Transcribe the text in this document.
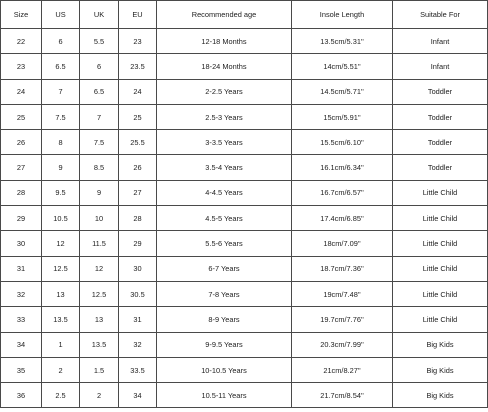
Size	US	UK	EU	Recommended age	Insole Length	Suitable For
22	6	5.5	23	12-18 Months	13.5cm/5.31''	Infant
23	6.5	6	23.5	18-24 Months	14cm/5.51''	Infant
24	7	6.5	24	2-2.5 Years	14.5cm/5.71''	Toddler
25	7.5	7	25	2.5-3 Years	15cm/5.91''	Toddler
26	8	7.5	25.5	3-3.5 Years	15.5cm/6.10''	Toddler
27	9	8.5	26	3.5-4 Years	16.1cm/6.34''	Toddler
28	9.5	9	27	4-4.5 Years	16.7cm/6.57''	Little Child
29	10.5	10	28	4.5-5 Years	17.4cm/6.85''	Little Child
30	12	11.5	29	5.5-6 Years	18cm/7.09''	Little Child
31	12.5	12	30	6-7 Years	18.7cm/7.36''	Little Child
32	13	12.5	30.5	7-8 Years	19cm/7.48''	Little Child
33	13.5	13	31	8-9 Years	19.7cm/7.76''	Little Child
34	1	13.5	32	9-9.5 Years	20.3cm/7.99''	Big Kids
35	2	1.5	33.5	10-10.5 Years	21cm/8.27''	Big Kids
36	2.5	2	34	10.5-11 Years	21.7cm/8.54''	Big Kids
